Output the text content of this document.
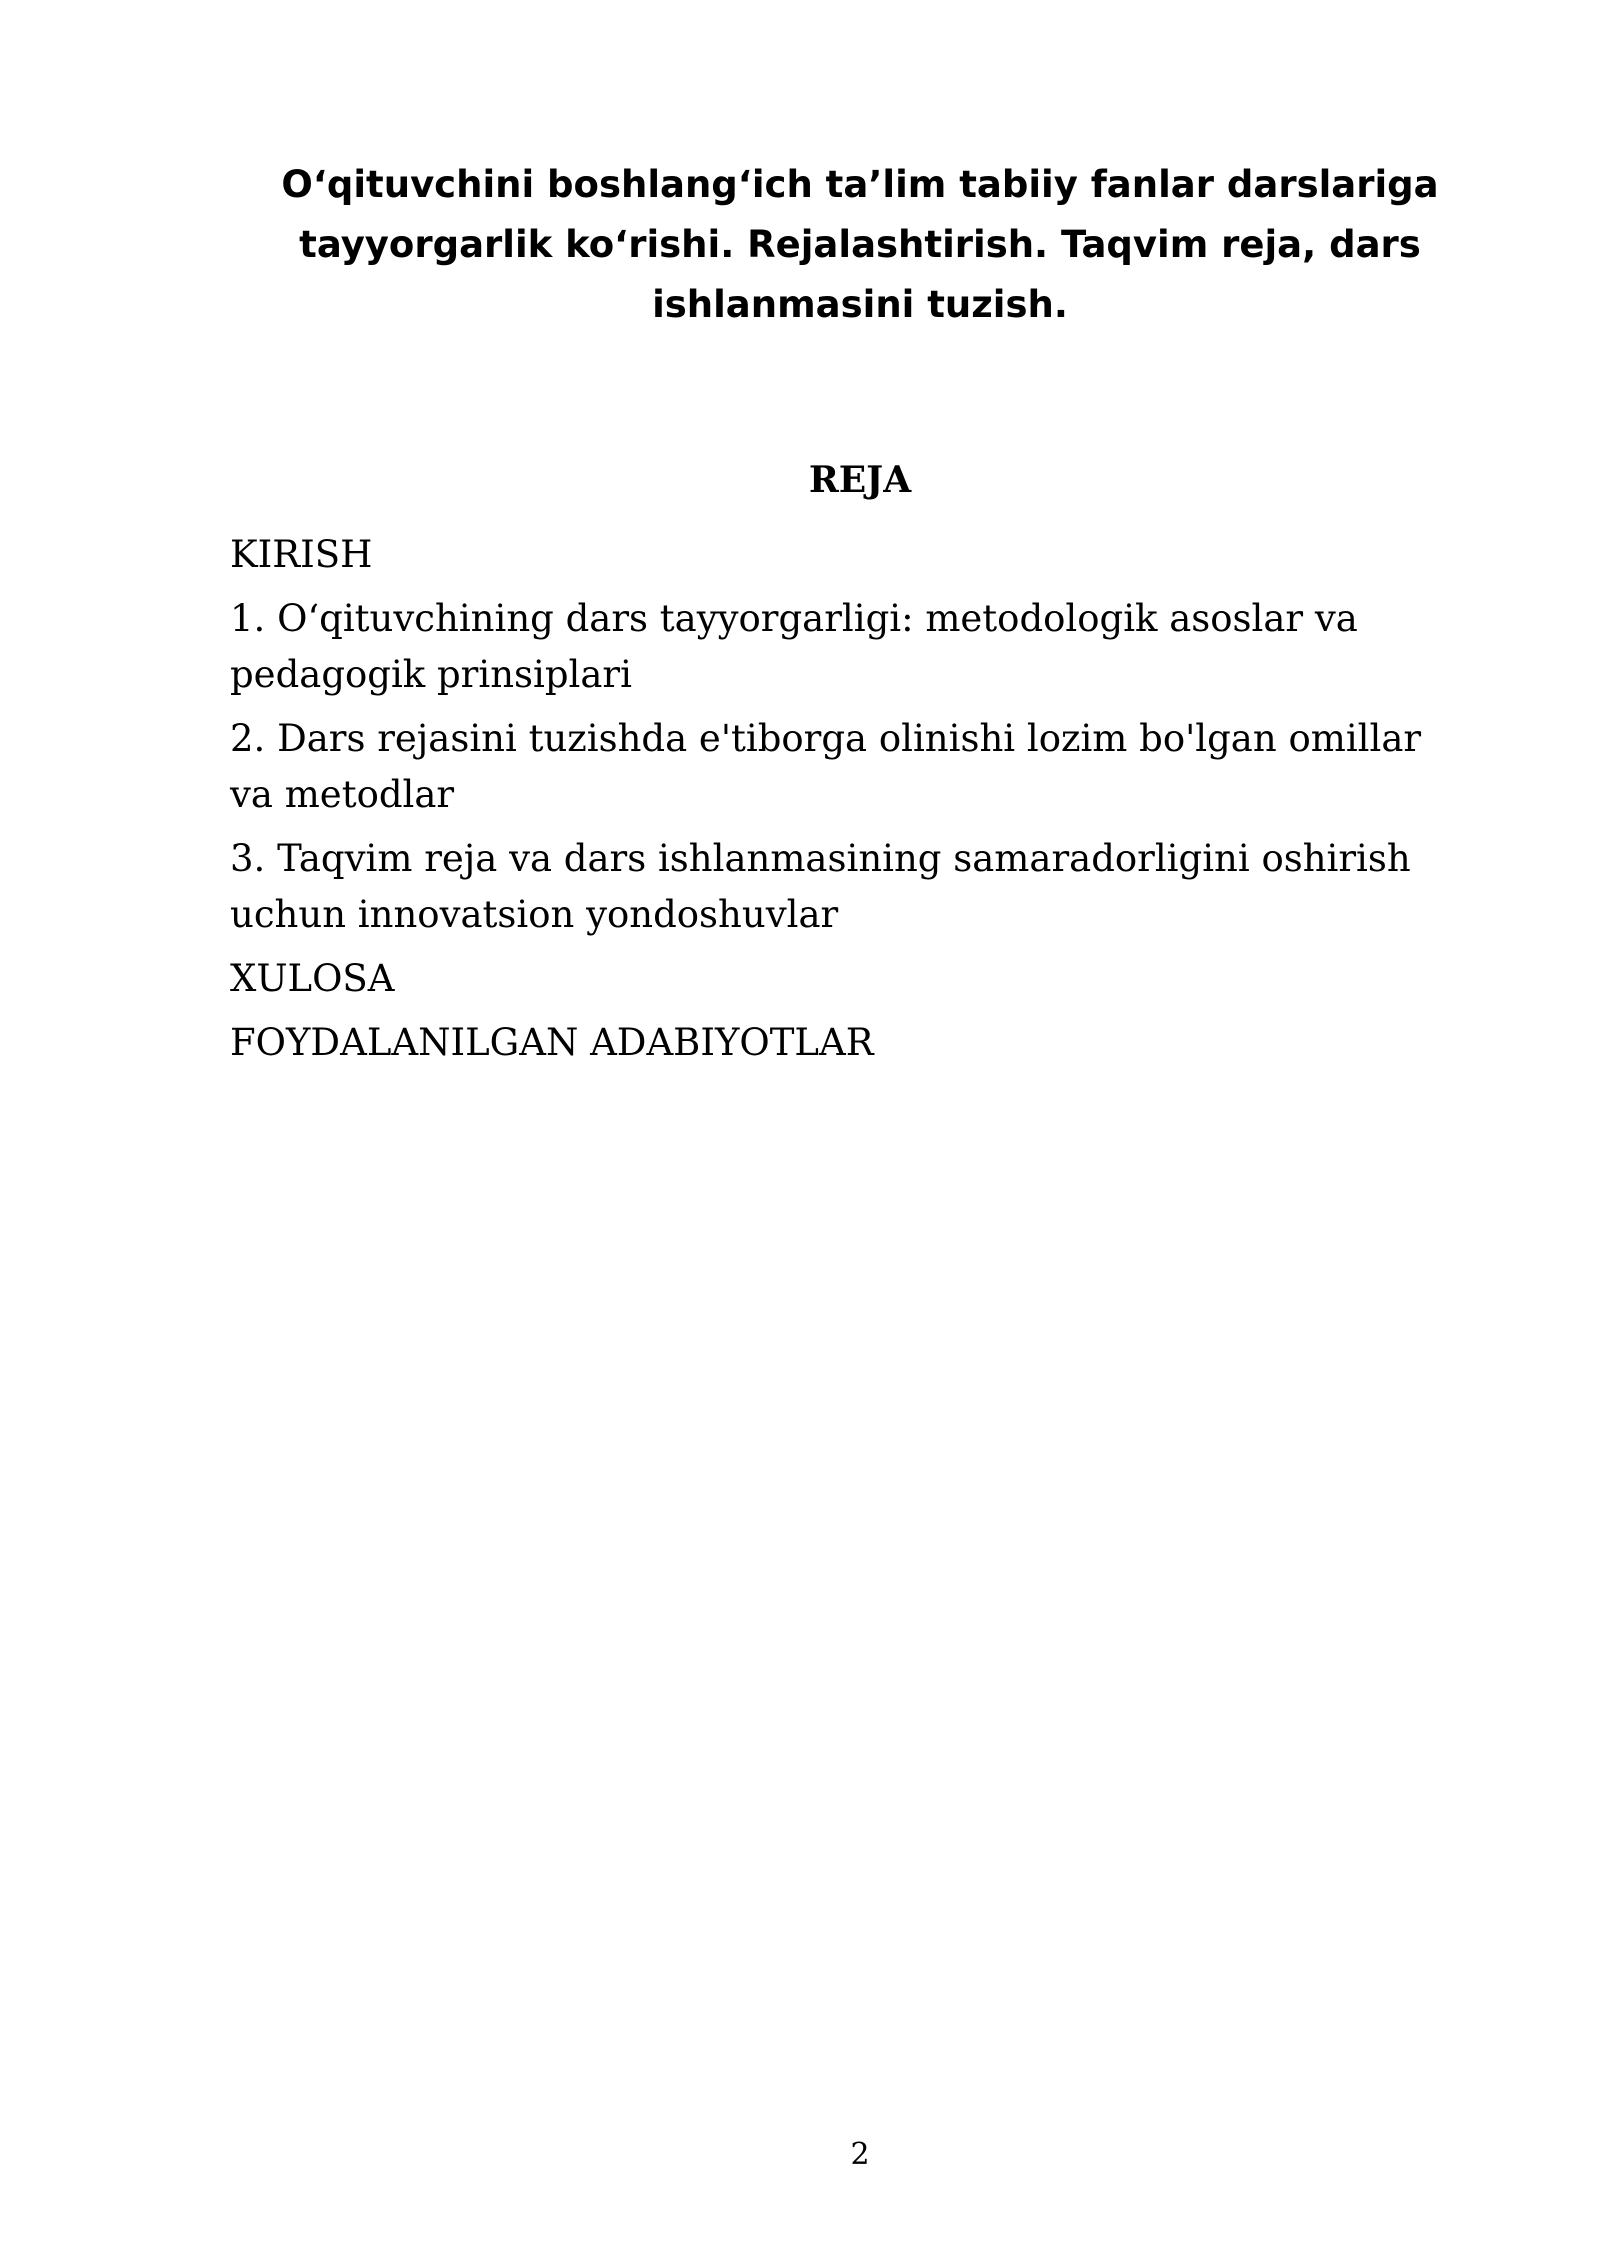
O‘qituvchini boshlang‘ich ta’lim tabiiy fanlar darslariga
tayyorgarlik ko‘rishi. Rejalashtirish. Taqvim reja, dars
ishlanmasini tuzish.
REJA
KIRISH
1. O‘qituvchining dars tayyorgarligi: metodologik asoslar va
pedagogik prinsiplari
2. Dars rejasini tuzishda e'tiborga olinishi lozim bo'lgan omillar
va metodlar
3. Taqvim reja va dars ishlanmasining samaradorligini oshirish
uchun innovatsion yondoshuvlar
XULOSA
FOYDALANILGAN ADABIYOTLAR
2
